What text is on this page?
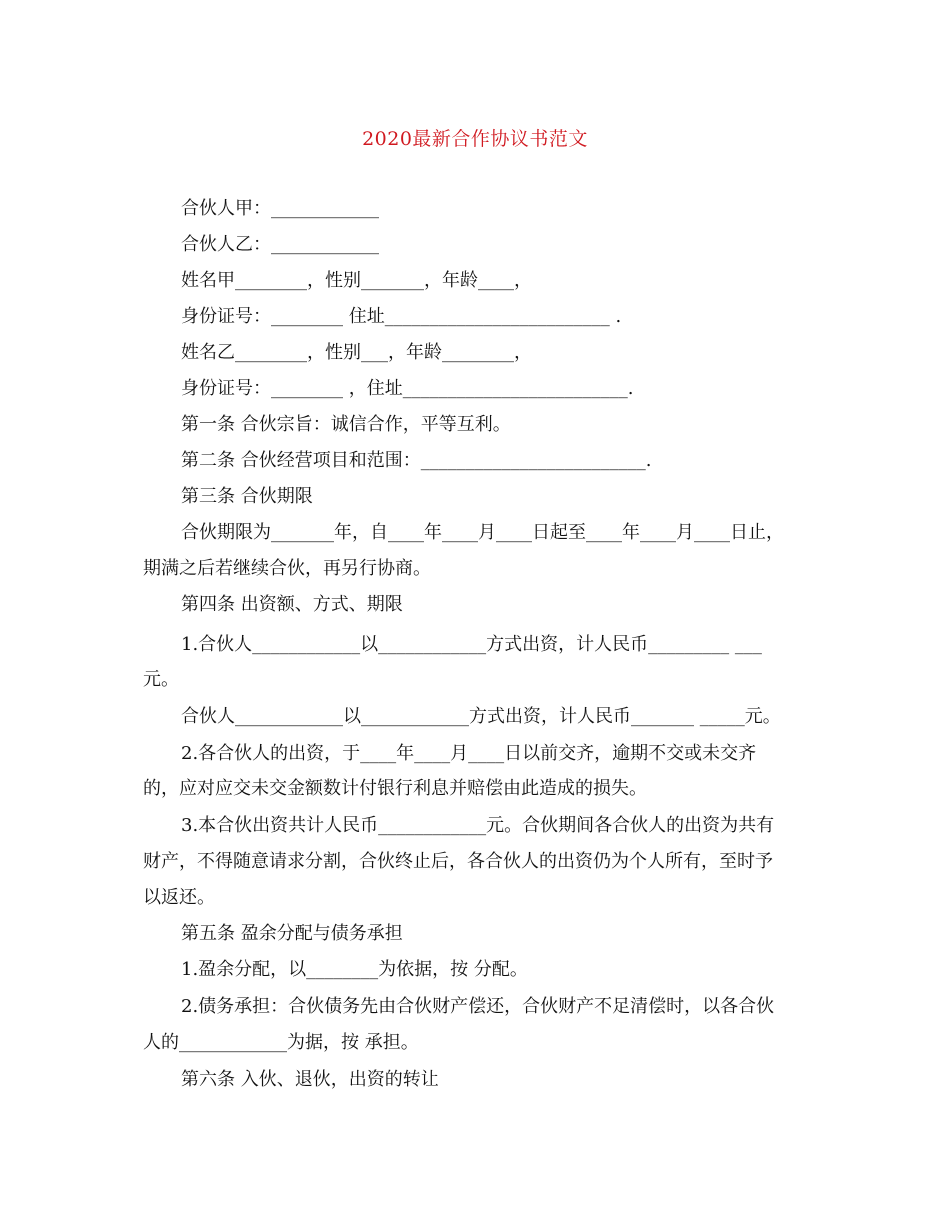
2020最新合作协议书范文
合伙人甲：____________
合伙人乙：____________
姓名甲________，性别_______，年龄____，
身份证号：________ 住址_________________________ .
姓名乙________，性别___，年龄________，
身份证号：________ ，住址_________________________.
第一条 合伙宗旨：诚信合作，平等互利。
第二条 合伙经营项目和范围：_________________________.
第三条 合伙期限
合伙期限为_______年，自____年____月____日起至____年____月____日止，
期满之后若继续合伙，再另行协商。
第四条 出资额、方式、期限
1.合伙人____________以____________方式出资，计人民币_________ ___
元。
合伙人____________以____________方式出资，计人民币_______ _____元。
2.各合伙人的出资，于____年____月____日以前交齐，逾期不交或未交齐
的，应对应交未交金额数计付银行利息并赔偿由此造成的损失。
3.本合伙出资共计人民币____________元。合伙期间各合伙人的出资为共有
财产，不得随意请求分割，合伙终止后，各合伙人的出资仍为个人所有，至时予
以返还。
第五条 盈余分配与债务承担
1.盈余分配，以________为依据，按 分配。
2.债务承担：合伙债务先由合伙财产偿还，合伙财产不足清偿时，以各合伙
人的____________为据，按 承担。
第六条 入伙、退伙，出资的转让
